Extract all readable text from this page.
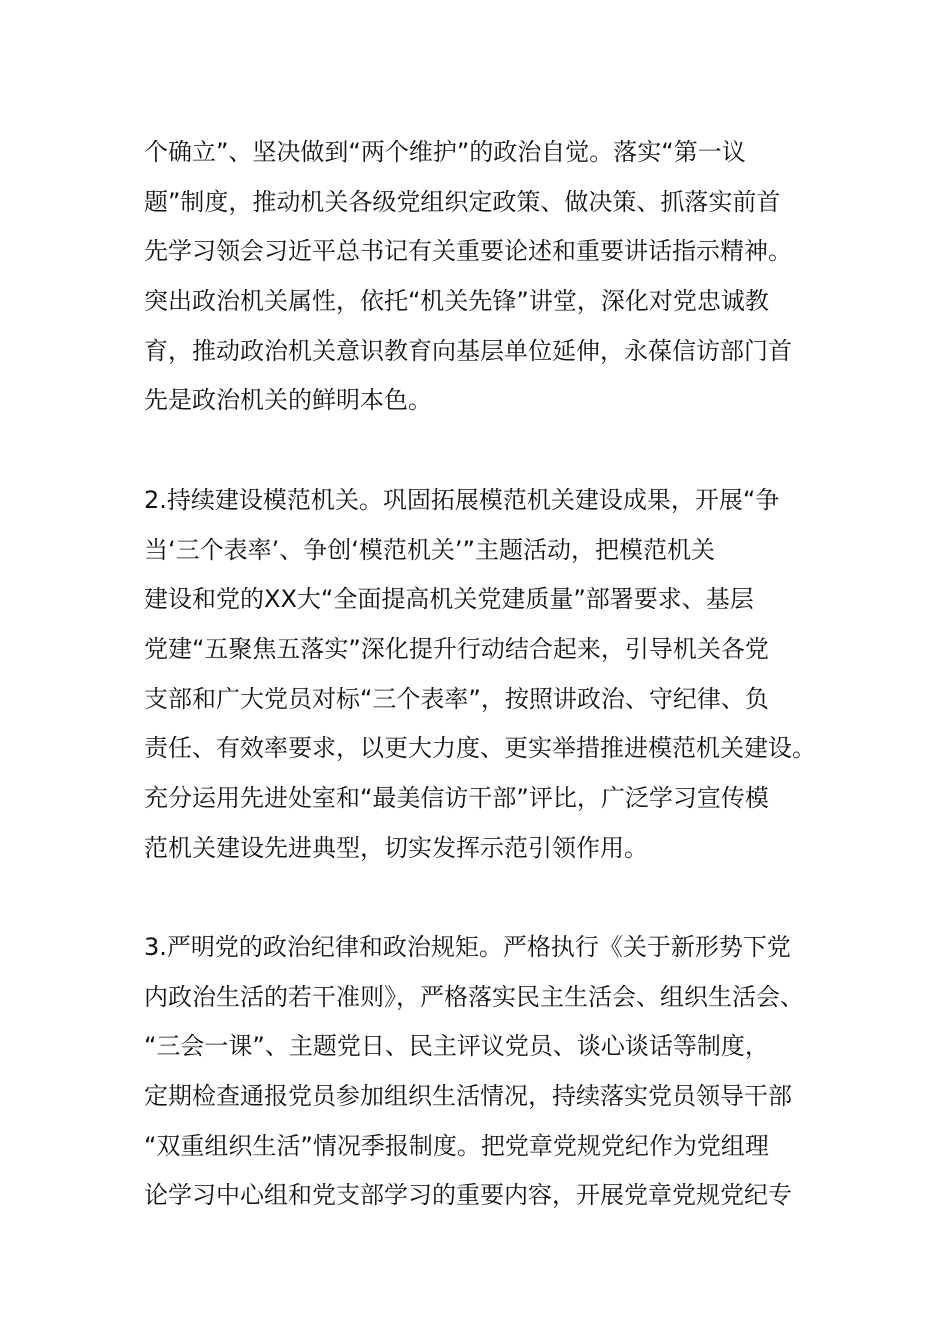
个确立”、坚决做到“两个维护”的政治自觉。落实“第一议
题”制度，推动机关各级党组织定政策、做决策、抓落实前首
先学习领会习近平总书记有关重要论述和重要讲话指示精神。
突出政治机关属性，依托“机关先锋”讲堂，深化对党忠诚教
育，推动政治机关意识教育向基层单位延伸，永葆信访部门首
先是政治机关的鲜明本色。
2.持续建设模范机关。巩固拓展模范机关建设成果，开展“争
当‘三个表率’、争创‘模范机关’”主题活动，把模范机关
建设和党的XX大“全面提高机关党建质量”部署要求、基层
党建“五聚焦五落实”深化提升行动结合起来，引导机关各党
支部和广大党员对标“三个表率”，按照讲政治、守纪律、负
责任、有效率要求，以更大力度、更实举措推进模范机关建设。
充分运用先进处室和“最美信访干部”评比，广泛学习宣传模
范机关建设先进典型，切实发挥示范引领作用。
3.严明党的政治纪律和政治规矩。严格执行《关于新形势下党
内政治生活的若干准则》，严格落实民主生活会、组织生活会、
“三会一课”、主题党日、民主评议党员、谈心谈话等制度，
定期检查通报党员参加组织生活情况，持续落实党员领导干部
“双重组织生活”情况季报制度。把党章党规党纪作为党组理
论学习中心组和党支部学习的重要内容，开展党章党规党纪专
